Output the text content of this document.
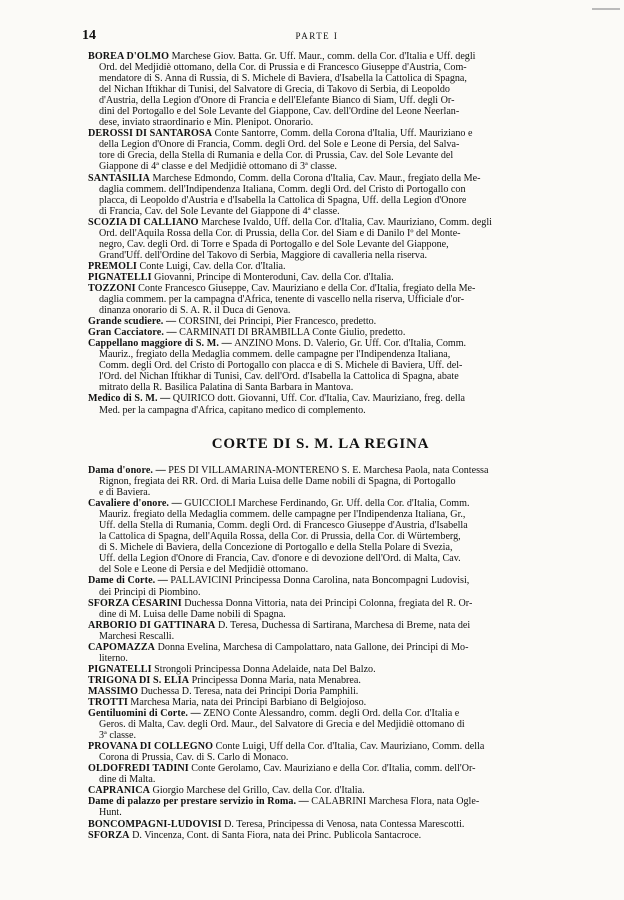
14	PARTE I

BOREA D'OLMO Marchese Giov. Batta. Gr. Uff. Maur., comm. della Cor. d'Italia e Uff. degli

Ord. del Medjidiè ottomano, della Cor. di Prussia e di Francesco Giuseppe d'Austria, Com-

mendatore di S. Anna di Russia, di S. Michele di Baviera, d'Isabella la Cattolica di Spagna,

del Nichan Iftikhar di Tunisi, del Salvatore di Grecia, di Takovo di Serbia, di Leopoldo

d'Austria, della Legion d'Onore di Francia e dell'Elefante Bianco di Siam, Uff. degli Or-

dini del Portogallo e del Sole Levante del Giappone, Cav. dell'Ordine del Leone Neerlan-

dese, inviato straordinario e Min. Plenipot. Onorario.

DEROSSI DI SANTAROSA Conte Santorre, Comm. della Corona d'Italia, Uff. Mauriziano e

della Legion d'Onore di Francia, Comm. degli Ord. del Sole e Leone di Persia, del Salva-

tore di Grecia, della Stella di Rumania e della Cor. di Prussia, Cav. del Sole Levante del

Giappone di 4ª classe e del Medjidiè ottomano di 3ª classe.

SANTASILIA Marchese Edmondo, Comm. della Corona d'Italia, Cav. Maur., fregiato della Me-

daglia commem. dell'Indipendenza Italiana, Comm. degli Ord. del Cristo di Portogallo con

placca, di Leopoldo d'Austria e d'Isabella la Cattolica di Spagna, Uff. della Legion d'Onore

di Francia, Cav. del Sole Levante del Giappone di 4ª classe.

SCOZIA DI CALLIANO Marchese Ivaldo, Uff. della Cor. d'Italia, Cav. Mauriziano, Comm. degli

Ord. dell'Aquila Rossa della Cor. di Prussia, della Cor. del Siam e di Danilo Iº del Monte-

negro, Cav. degli Ord. di Torre e Spada di Portogallo e del Sole Levante del Giappone,

Grand'Uff. dell'Ordine del Takovo di Serbia, Maggiore di cavalleria nella riserva.

PREMOLI Conte Luigi, Cav. della Cor. d'Italia.

PIGNATELLI Giovanni, Principe di Monteroduni, Cav. della Cor. d'Italia.

TOZZONI Conte Francesco Giuseppe, Cav. Mauriziano e della Cor. d'Italia, fregiato della Me-

daglia commem. per la campagna d'Africa, tenente di vascello nella riserva, Ufficiale d'or-

dinanza onorario di S. A. R. il Duca di Genova.

Grande scudiere. — CORSINI, dei Principi, Pier Francesco, predetto.

Gran Cacciatore. — CARMINATI DI BRAMBILLA Conte Giulio, predetto.

Cappellano maggiore di S. M. — ANZINO Mons. D. Valerio, Gr. Uff. Cor. d'Italia, Comm.

Mauriz., fregiato della Medaglia commem. delle campagne per l'Indipendenza Italiana,

Comm. degli Ord. del Cristo di Portogallo con placca e di S. Michele di Baviera, Uff. del-

l'Ord. del Nichan Iftikhar di Tunisi, Cav. dell'Ord. d'Isabella la Cattolica di Spagna, abate

mitrato della R. Basilica Palatina di Santa Barbara in Mantova.

Medico di S. M. — QUIRICO dott. Giovanni, Uff. Cor. d'Italia, Cav. Mauriziano, freg. della

Med. per la campagna d'Africa, capitano medico di complemento.

CORTE DI S. M. LA REGINA

Dama d'onore. — PES DI VILLAMARINA-MONTERENO S. E. Marchesa Paola, nata Contessa

Rignon, fregiata dei RR. Ord. di Maria Luisa delle Dame nobili di Spagna, di Portogallo

e di Baviera.

Cavaliere d'onore. — GUICCIOLI Marchese Ferdinando, Gr. Uff. della Cor. d'Italia, Comm.

Mauriz. fregiato della Medaglia commem. delle campagne per l'Indipendenza Italiana, Gr.,

Uff. della Stella di Rumania, Comm. degli Ord. di Francesco Giuseppe d'Austria, d'Isabella

la Cattolica di Spagna, dell'Aquila Rossa, della Cor. di Prussia, della Cor. di Würtemberg,

di S. Michele di Baviera, della Concezione di Portogallo e della Stella Polare di Svezia,

Uff. della Legion d'Onore di Francia, Cav. d'onore e di devozione dell'Ord. di Malta, Cav.

del Sole e Leone di Persia e del Medjidiè ottomano.

Dame di Corte. — PALLAVICINI Principessa Donna Carolina, nata Boncompagni Ludovisi,

dei Principi di Piombino.

SFORZA CESARINI Duchessa Donna Vittoria, nata dei Principi Colonna, fregiata del R. Or-

dine di M. Luisa delle Dame nobili di Spagna.

ARBORIO DI GATTINARA D. Teresa, Duchessa di Sartirana, Marchesa di Breme, nata dei

Marchesi Rescalli.

CAPOMAZZA Donna Evelina, Marchesa di Campolattaro, nata Gallone, dei Principi di Mo-

literno.

PIGNATELLI Strongoli Principessa Donna Adelaide, nata Del Balzo.

TRIGONA DI S. ELIA Principessa Donna Maria, nata Menabrea.

MASSIMO Duchessa D. Teresa, nata dei Principi Doria Pamphili.

TROTTI Marchesa Maria, nata dei Principi Barbiano di Belgiojoso.

Gentiluomini di Corte. — ZENO Conte Alessandro, comm. degli Ord. della Cor. d'Italia e

Geros. di Malta, Cav. degli Ord. Maur., del Salvatore di Grecia e del Medjidiè ottomano di

3ª classe.

PROVANA DI COLLEGNO Conte Luigi, Uff della Cor. d'Italia, Cav. Mauriziano, Comm. della

Corona di Prussia, Cav. di S. Carlo di Monaco.

OLDOFREDI TADINI Conte Gerolamo, Cav. Mauriziano e della Cor. d'Italia, comm. dell'Or-

dine di Malta.

CAPRANICA Giorgio Marchese del Grillo, Cav. della Cor. d'Italia.

Dame di palazzo per prestare servizio in Roma. — CALABRINI Marchesa Flora, nata Ogle-

Hunt.

BONCOMPAGNI-LUDOVISI D. Teresa, Principessa di Venosa, nata Contessa Marescotti.

SFORZA D. Vincenza, Cont. di Santa Fiora, nata dei Princ. Publicola Santacroce.
